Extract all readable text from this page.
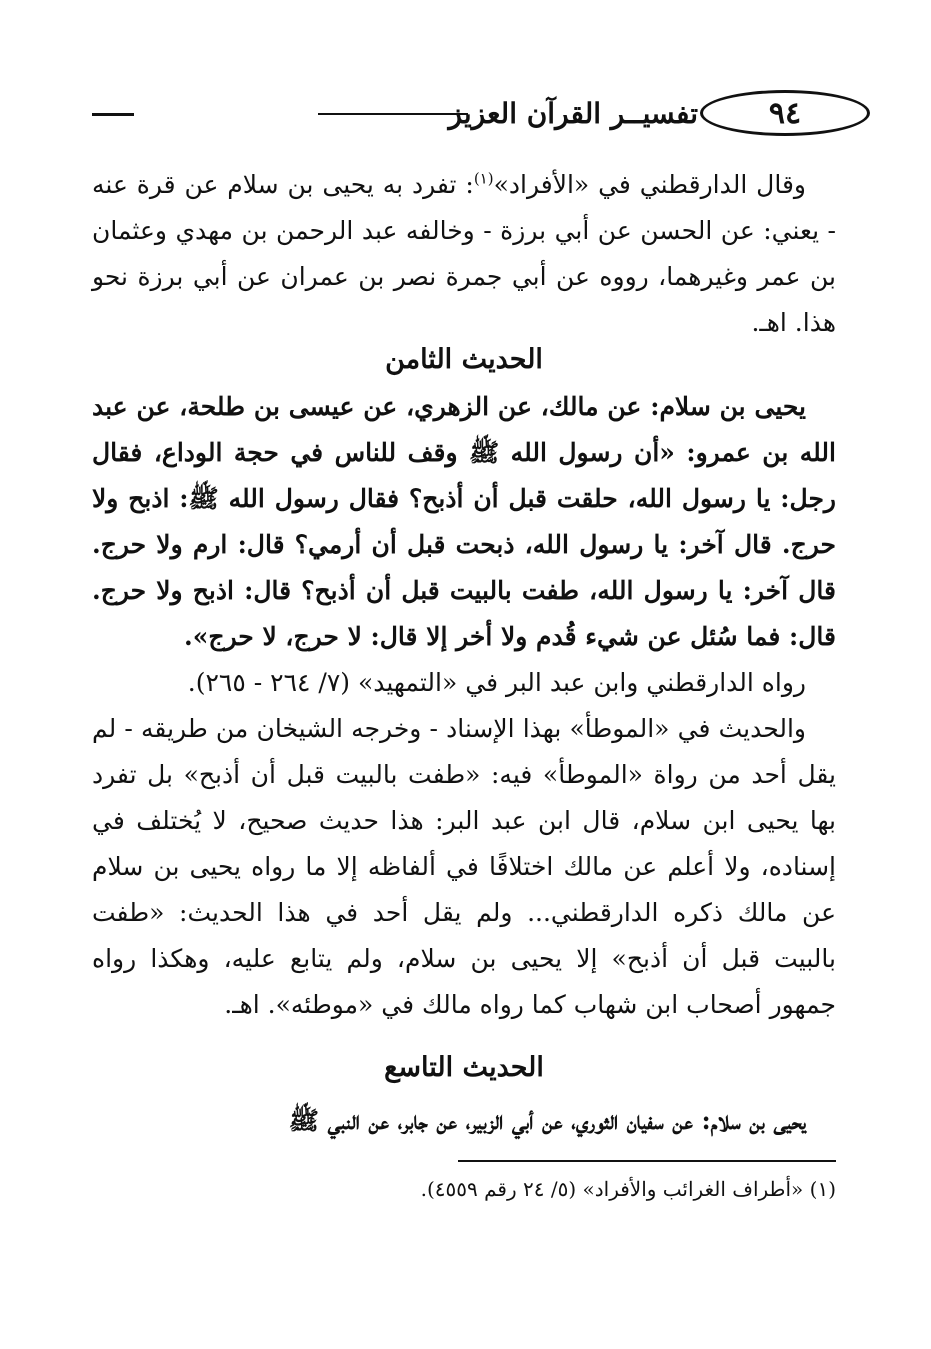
٩٤
تفسيــر القرآن العزيز

وقال الدارقطني في «الأفراد»$^{(١)}$: تفرد به يحيى بن سلام عن قرة عنه - يعني: عن الحسن عن أبي برزة - وخالفه عبد الرحمن بن مهدي وعثمان بن عمر وغيرهما، رووه عن أبي جمرة نصر بن عمران عن أبي برزة نحو هذا. اهـ.

الحديث الثامن

يحيى بن سلام: عن مالك، عن الزهري، عن عيسى بن طلحة، عن عبد الله بن عمرو: «أن رسول الله ﷺ وقف للناس في حجة الوداع، فقال رجل: يا رسول الله، حلقت قبل أن أذبح؟ فقال رسول الله ﷺ: اذبح ولا حرج. قال آخر: يا رسول الله، ذبحت قبل أن أرمي؟ قال: ارم ولا حرج. قال آخر: يا رسول الله، طفت بالبيت قبل أن أذبح؟ قال: اذبح ولا حرج. قال: فما سُئل عن شيء قُدم ولا أخر إلا قال: لا حرج، لا حرج».

رواه الدارقطني وابن عبد البر في «التمهيد» (٧/ ٢٦٤ - ٢٦٥).

والحديث في «الموطأ» بهذا الإسناد - وخرجه الشيخان من طريقه - لم يقل أحد من رواة «الموطأ» فيه: «طفت بالبيت قبل أن أذبح» بل تفرد بها يحيى ابن سلام، قال ابن عبد البر: هذا حديث صحيح، لا يُختلف في إسناده، ولا أعلم عن مالك اختلافًا في ألفاظه إلا ما رواه يحيى بن سلام عن مالك ذكره الدارقطني... ولم يقل أحد في هذا الحديث: «طفت بالبيت قبل أن أذبح» إلا يحيى بن سلام، ولم يتابع عليه، وهكذا رواه جمهور أصحاب ابن شهاب كما رواه مالك في «موطئه». اهـ.

الحديث التاسع

يحيى بن سلام: عن سفيان الثوري، عن أبي الزبير، عن جابر، عن النبي ﷺ

(١) «أطراف الغرائب والأفراد» (٥/ ٢٤ رقم ٤٥٥٩).
